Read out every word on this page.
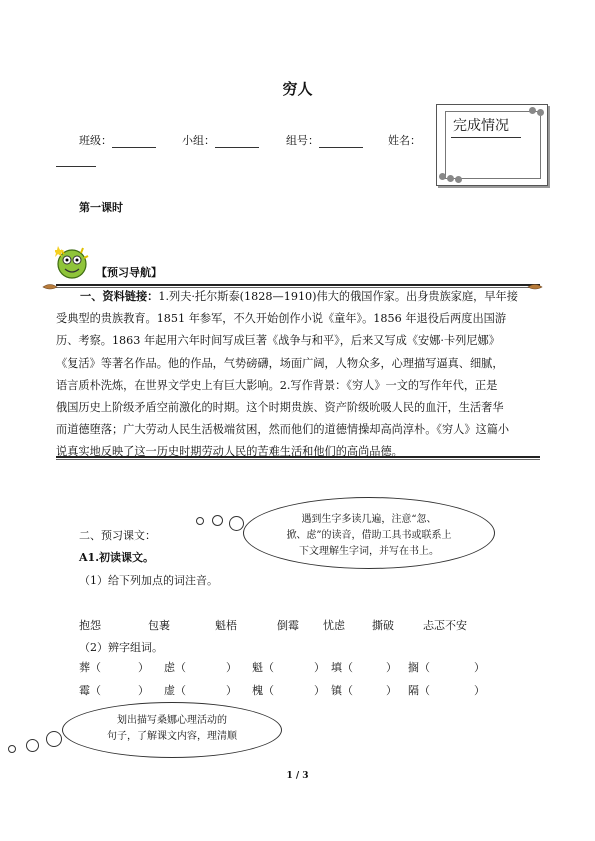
穷人
班级：	小组：	组号：	姓名：
完成情况
第一课时
【预习导航】
一、资料链接：1.列夫·托尔斯泰(1828—1910)伟大的俄国作家。出身贵族家庭，早年接
受典型的贵族教育。1851 年参军，不久开始创作小说《童年》。1856 年退役后两度出国游
历、考察。1863 年起用六年时间写成巨著《战争与和平》，后来又写成《安娜·卡列尼娜》
《复活》等著名作品。他的作品，气势磅礴，场面广阔，人物众多，心理描写逼真、细腻，
语言质朴洗炼，在世界文学史上有巨大影响。2.写作背景：《穷人》一文的写作年代，正是
俄国历史上阶级矛盾空前激化的时期。这个时期贵族、资产阶级吮吸人民的血汗，生活奢华
而道德堕落；广大劳动人民生活极端贫困，然而他们的道德情操却高尚淳朴。《穷人》这篇小
说真实地反映了这一历史时期劳动人民的苦难生活和他们的高尚品德。
二、预习课文：
遇到生字多读几遍，注意“忽、
掀、虑”的读音，借助工具书或联系上
下文理解生字词，并写在书上。
A1.初读课文。
（1）给下列加点的词注音。
抱怨	包裹	魁梧	倒霉 忧虑 撕破	忐忑不安
（2）辨字组词。
葬（	） 虑（	） 魁（	） 填（	） 搁（	）
霉（	） 虚（	） 槐（	） 镇（	） 隔（	）
划出描写桑娜心理活动的
句子，了解课文内容，理清顺
1 / 3
